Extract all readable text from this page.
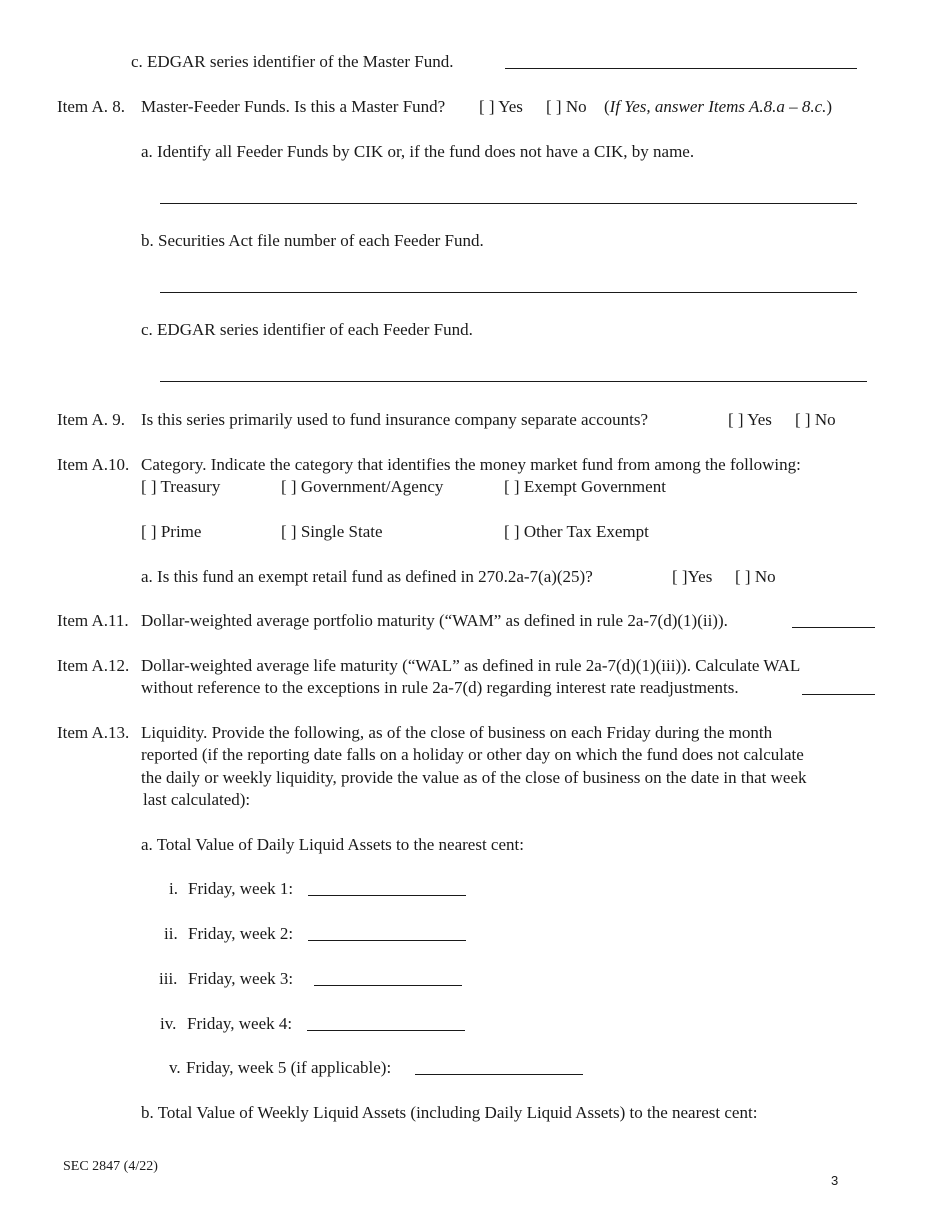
c. EDGAR series identifier of the Master Fund.
Item A. 8. Master-Feeder Funds. Is this a Master Fund? [ ] Yes [ ] No (If Yes, answer Items A.8.a – 8.c.)
a. Identify all Feeder Funds by CIK or, if the fund does not have a CIK, by name.
b. Securities Act file number of each Feeder Fund.
c. EDGAR series identifier of each Feeder Fund.
Item A. 9. Is this series primarily used to fund insurance company separate accounts?	[ ] Yes [ ] No
Item A.10. Category. Indicate the category that identifies the money market fund from among the following:
[ ] Treasury	[ ] Government/Agency	[ ] Exempt Government
[ ] Prime	[ ] Single State	[ ] Other Tax Exempt
a. Is this fund an exempt retail fund as defined in 270.2a-7(a)(25)?	[ ]Yes [ ] No
Item A.11. Dollar-weighted average portfolio maturity (“WAM” as defined in rule 2a-7(d)(1)(ii)).
Item A.12. Dollar-weighted average life maturity (“WAL” as defined in rule 2a-7(d)(1)(iii)). Calculate WAL
without reference to the exceptions in rule 2a-7(d) regarding interest rate readjustments.
Item A.13. Liquidity. Provide the following, as of the close of business on each Friday during the month
reported (if the reporting date falls on a holiday or other day on which the fund does not calculate
the daily or weekly liquidity, provide the value as of the close of business on the date in that week
last calculated):
a. Total Value of Daily Liquid Assets to the nearest cent:
i. Friday, week 1:
ii. Friday, week 2:
iii. Friday, week 3:
iv. Friday, week 4:
v. Friday, week 5 (if applicable):
b. Total Value of Weekly Liquid Assets (including Daily Liquid Assets) to the nearest cent:
SEC 2847 (4/22)
3
